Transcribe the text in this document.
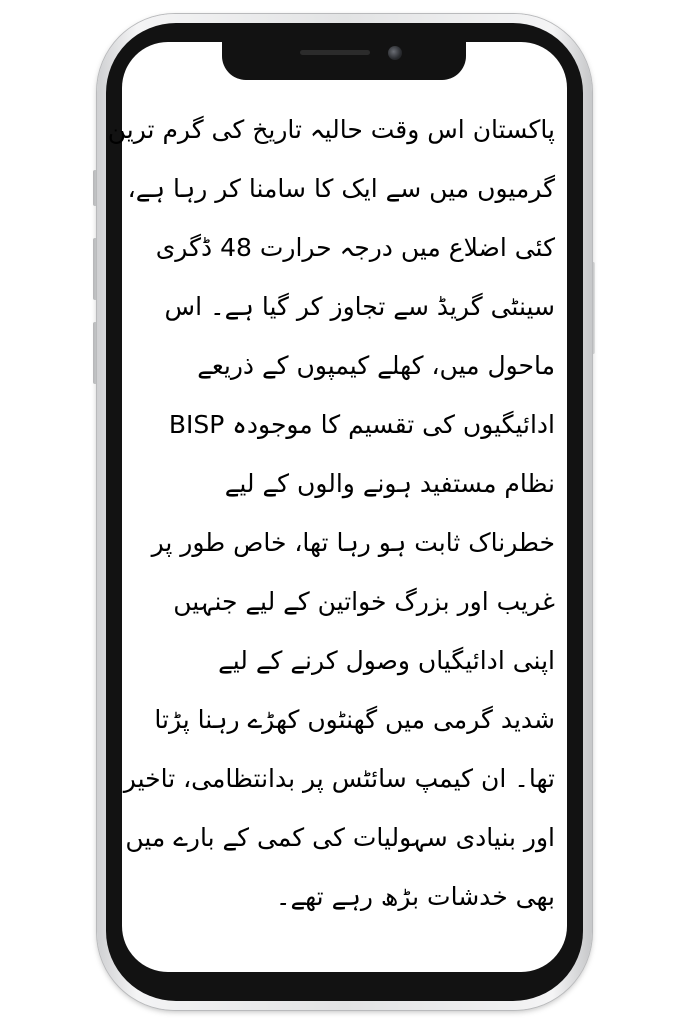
پاکستان اس وقت حالیہ تاریخ کی گرم ترین
گرمیوں میں سے ایک کا سامنا کر رہا ہے،
کئی اضلاع میں درجہ حرارت 48 ڈگری
سینٹی گریڈ سے تجاوز کر گیا ہے۔ اس
ماحول میں، کھلے کیمپوں کے ذریعے
ادائیگیوں کی تقسیم کا موجودہ BISP
نظام مستفید ہونے والوں کے لیے
خطرناک ثابت ہو رہا تھا، خاص طور پر
غریب اور بزرگ خواتین کے لیے جنہیں
اپنی ادائیگیاں وصول کرنے کے لیے
شدید گرمی میں گھنٹوں کھڑے رہنا پڑتا
تھا۔ ان کیمپ سائٹس پر بدانتظامی، تاخیر
اور بنیادی سہولیات کی کمی کے بارے میں
بھی خدشات بڑھ رہے تھے۔
